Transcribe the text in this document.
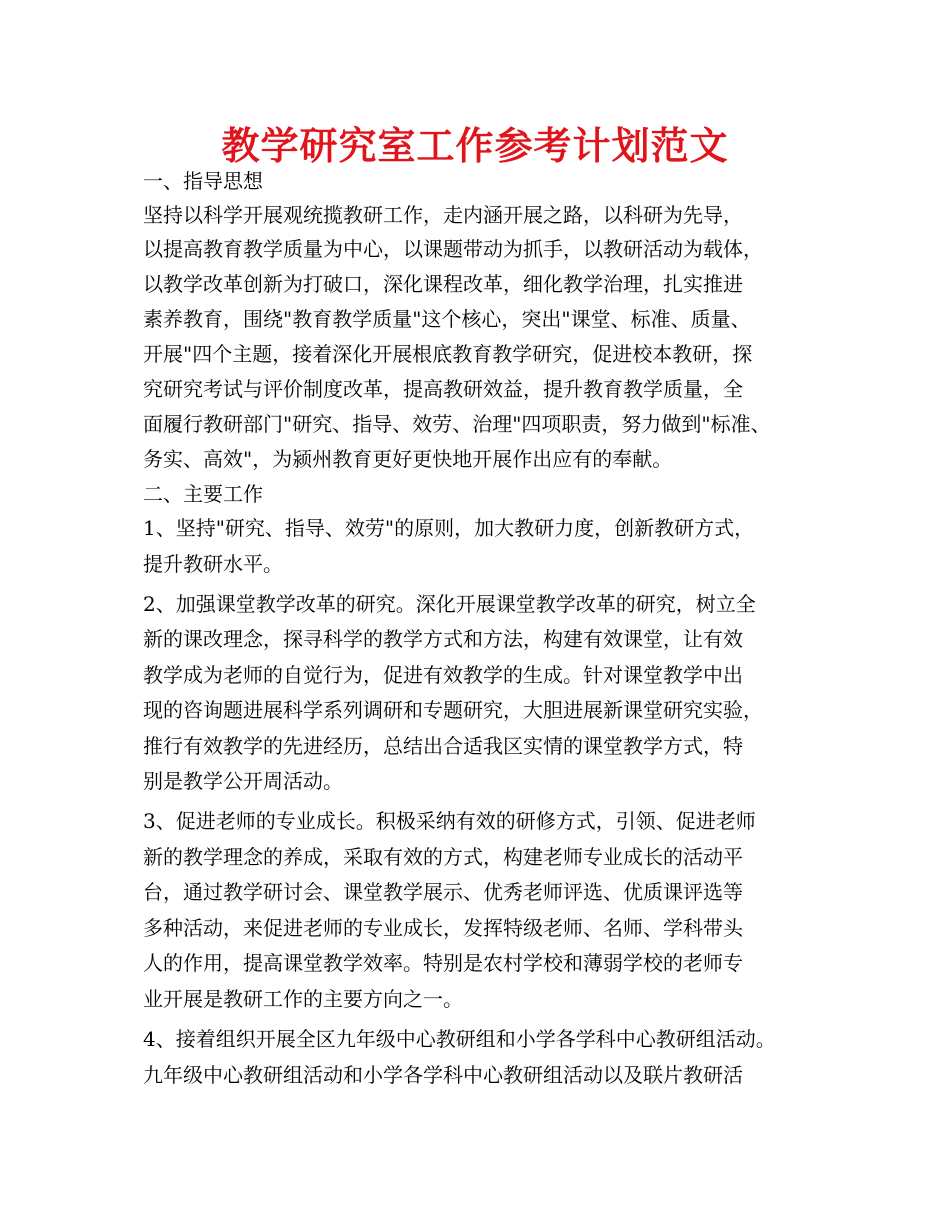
教学研究室工作参考计划范文
一、指导思想
坚持以科学开展观统揽教研工作，走内涵开展之路，以科研为先导，
以提高教育教学质量为中心，以课题带动为抓手，以教研活动为载体，
以教学改革创新为打破口，深化课程改革，细化教学治理，扎实推进
素养教育，围绕"教育教学质量"这个核心，突出"课堂、标准、质量、
开展"四个主题，接着深化开展根底教育教学研究，促进校本教研，探
究研究考试与评价制度改革，提高教研效益，提升教育教学质量，全
面履行教研部门"研究、指导、效劳、治理"四项职责，努力做到"标准、
务实、高效"，为颍州教育更好更快地开展作出应有的奉献。
二、主要工作
1、坚持"研究、指导、效劳"的原则，加大教研力度，创新教研方式，
提升教研水平。
2、加强课堂教学改革的研究。深化开展课堂教学改革的研究，树立全
新的课改理念，探寻科学的教学方式和方法，构建有效课堂，让有效
教学成为老师的自觉行为，促进有效教学的生成。针对课堂教学中出
现的咨询题进展科学系列调研和专题研究，大胆进展新课堂研究实验，
推行有效教学的先进经历，总结出合适我区实情的课堂教学方式，特
别是教学公开周活动。
3、促进老师的专业成长。积极采纳有效的研修方式，引领、促进老师
新的教学理念的养成，采取有效的方式，构建老师专业成长的活动平
台，通过教学研讨会、课堂教学展示、优秀老师评选、优质课评选等
多种活动，来促进老师的专业成长，发挥特级老师、名师、学科带头
人的作用，提高课堂教学效率。特别是农村学校和薄弱学校的老师专
业开展是教研工作的主要方向之一。
4、接着组织开展全区九年级中心教研组和小学各学科中心教研组活动。
九年级中心教研组活动和小学各学科中心教研组活动以及联片教研活
